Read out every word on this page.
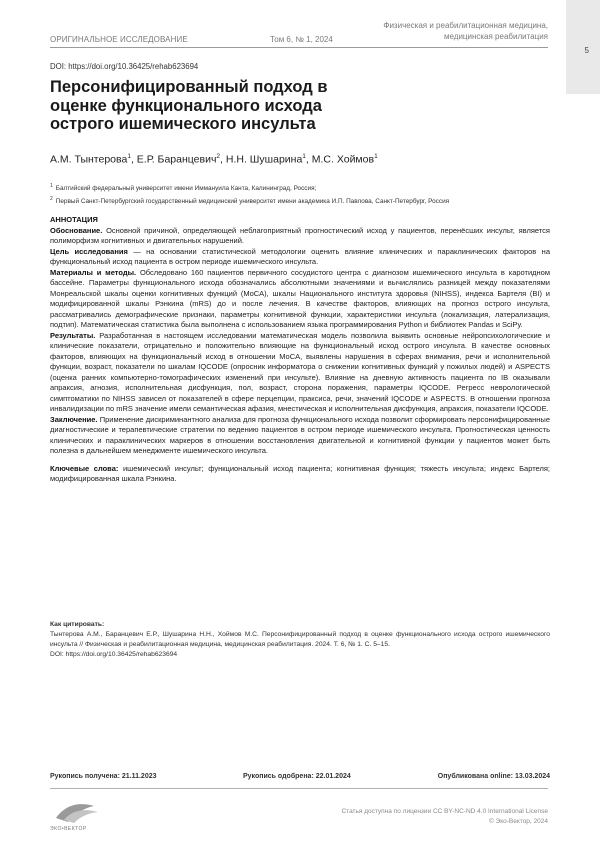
5
ОРИГИНАЛЬНОЕ ИССЛЕДОВАНИЕ	Том 6, № 1, 2024
Физическая и реабилитационная медицина,
медицинская реабилитация
DOI: https://doi.org/10.36425/rehab623694
Персонифицированный подход в оценке функционального исхода острого ишемического инсульта
А.М. Тынтерова$^1$, Е.Р. Баранцевич$^2$, Н.Н. Шушарина$^1$, М.С. Хоймов$^1$
$^1$ Балтийский федеральный университет имени Иммануила Канта, Калининград, Россия;
$^2$ Первый Санкт-Петербургский государственный медицинский университет имени академика И.П. Павлова, Санкт-Петербург, Россия

АННОТАЦИЯ

Обоснование. Основной причиной, определяющей неблагоприятный прогностический исход у пациентов, перенёсших инсульт, является полиморфизм когнитивных и двигательных нарушений.

Цель исследования — на основании статистической методологии оценить влияние клинических и параклинических факторов на функциональный исход пациента в остром периоде ишемического инсульта.

Материалы и методы. Обследовано 160 пациентов первичного сосудистого центра с диагнозом ишемического инсульта в каротидном бассейне. Параметры функционального исхода обозначались абсолютными значениями и вычислялись разницей между показателями Монреальской шкалы оценки когнитивных функций (MoCA), шкалы Национального института здоровья (NIHSS), индекса Бартеля (BI) и модифицированной шкалы Рэнкина (mRS) до и после лечения. В качестве факторов, влияющих на прогноз острого инсульта, рассматривались демографические признаки, параметры когнитивной функции, характеристики инсульта (локализация, латерализация, подтип). Математическая статистика была выполнена с использованием языка программирования Python и библиотек Pandas и SciPy.

Результаты. Разработанная в настоящем исследовании математическая модель позволила выявить основные нейропсихологические и клинические показатели, отрицательно и положительно влияющие на функциональный исход острого инсульта. В качестве основных факторов, влияющих на функциональный исход в отношении MoCA, выявлены нарушения в сферах внимания, речи и исполнительной функции, возраст, показатели по шкалам IQCODE (опросник информатора о снижении когнитивных функций у пожилых людей) и ASPECTS (оценка ранних компьютерно-томографических изменений при инсульте). Влияние на дневную активность пациента по IB оказывали апраксия, агнозия, исполнительная дисфункция, пол, возраст, сторона поражения, параметры IQCODE. Регресс неврологической симптоматики по NIHSS зависел от показателей в сфере перцепции, праксиса, речи, значений IQCODE и ASPECTS. В отношении прогноза инвалидизации по mRS значение имели семантическая афазия, мнестическая и исполнительная дисфункция, апраксия, показатели IQCODE.

Заключение. Применение дискриминантного анализа для прогноза функционального исхода позволит сформировать персонифицированные диагностические и терапевтические стратегии по ведению пациентов в остром периоде ишемического инсульта. Прогностическая ценность клинических и параклинических маркеров в отношении восстановления двигательной и когнитивной функции у пациентов может быть полезна в дальнейшем менеджменте ишемического инсульта.

Ключевые слова: ишемический инсульт; функциональный исход пациента; когнитивная функция; тяжесть инсульта; индекс Бартеля; модифицированная шкала Рэнкина.

Как цитировать:

Тынтерова А.М., Баранцевич Е.Р., Шушарина Н.Н., Хоймов М.С. Персонифицированный подход в оценке функционального исхода острого ишемического инсульта // Физическая и реабилитационная медицина, медицинская реабилитация. 2024. Т. 6, № 1. С. 5–15.

DOI: https://doi.org/10.36425/rehab623694

Рукопись получена: 21.11.2023	Рукопись одобрена: 22.01.2024	Опубликована online: 13.03.2024
ЭКО•ВЕКТОР
Статья доступна по лицензии CC BY-NC-ND 4.0 International License
© Эко-Вектор, 2024
